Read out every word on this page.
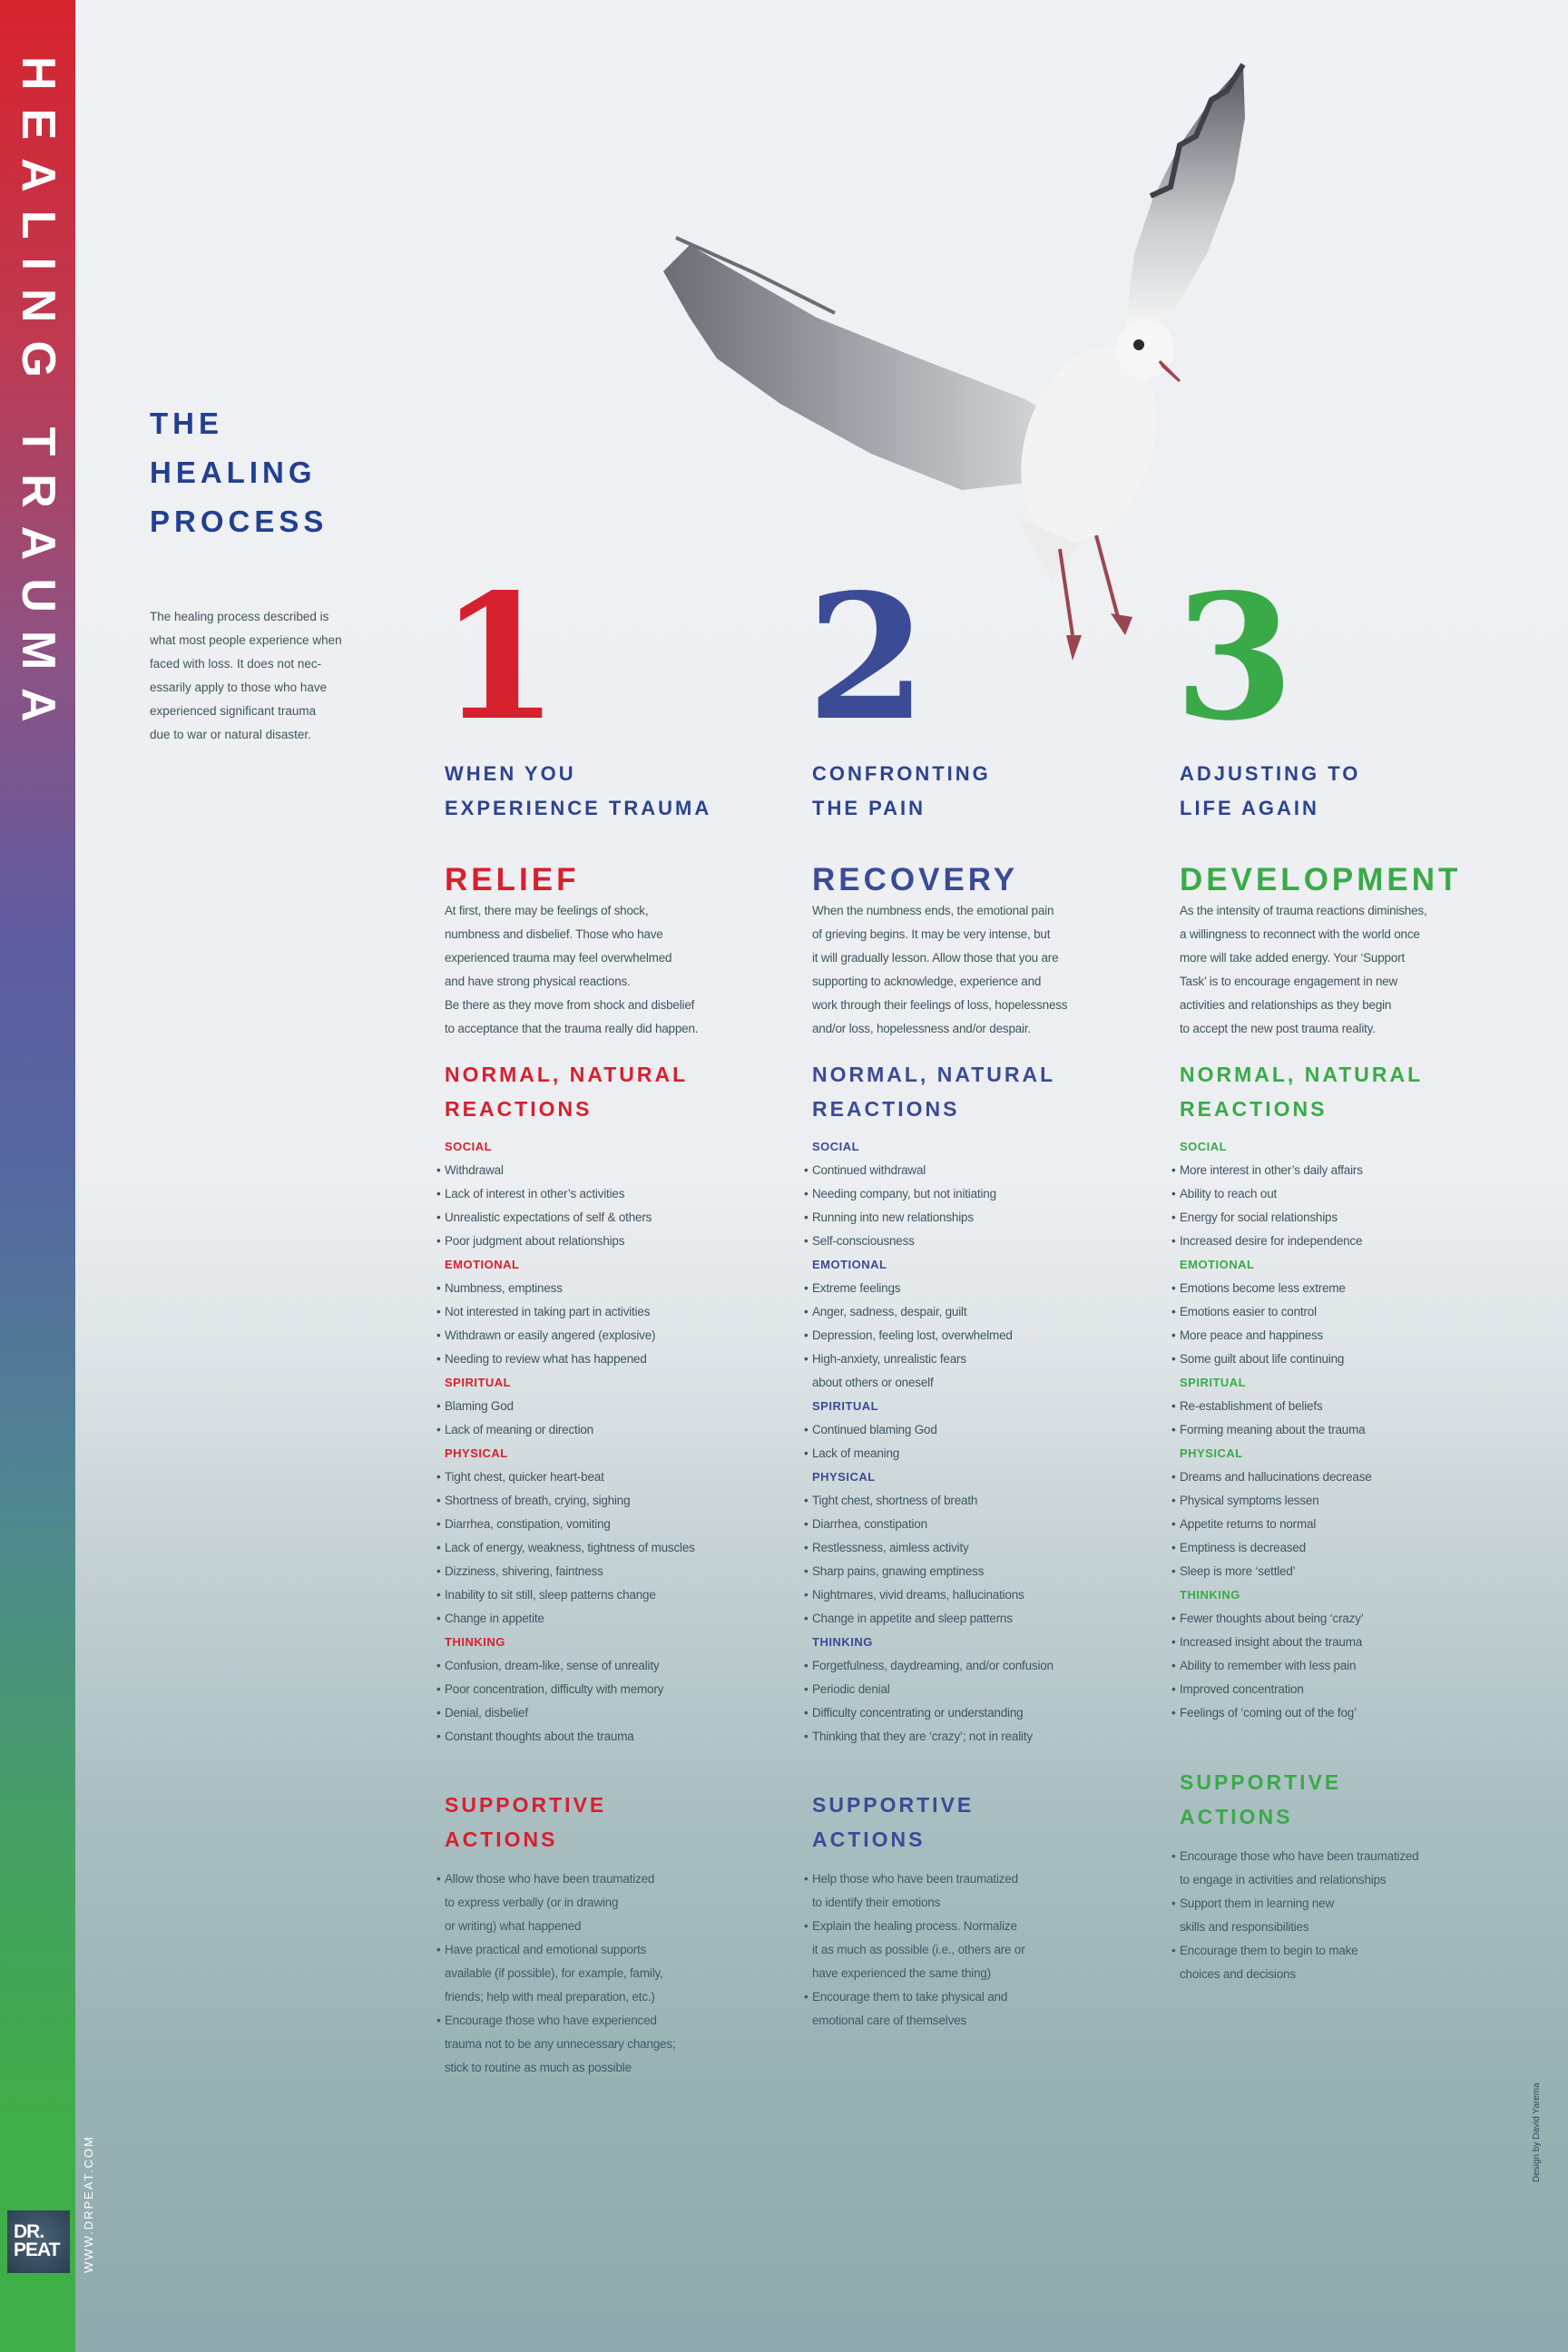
HEALING TRAUMA
DR.
PEAT	WWW.DRPEAT.COM
Design by David Yarema
THE
HEALING
PROCESS
The healing process described is
what most people experience when
faced with loss. It does not nec-
essarily apply to those who have
experienced significant trauma
due to war or natural disaster. 1
WHEN YOU
EXPERIENCE TRAUMA
RELIEF
At first, there may be feelings of shock,
numbness and disbelief. Those who have
experienced trauma may feel overwhelmed
and have strong physical reactions.
Be there as they move from shock and disbelief
to acceptance that the trauma really did happen.
NORMAL, NATURAL
REACTIONS
SOCIAL
• Withdrawal
• Lack of interest in other’s activities
• Unrealistic expectations of self & others
• Poor judgment about relationships
EMOTIONAL
• Numbness, emptiness
• Not interested in taking part in activities
• Withdrawn or easily angered (explosive)
• Needing to review what has happened
SPIRITUAL
• Blaming God
• Lack of meaning or direction
PHYSICAL
• Tight chest, quicker heart-beat
• Shortness of breath, crying, sighing
• Diarrhea, constipation, vomiting
• Lack of energy, weakness, tightness of muscles
• Dizziness, shivering, faintness
• Inability to sit still, sleep patterns change
• Change in appetite
THINKING
• Confusion, dream-like, sense of unreality
• Poor concentration, difficulty with memory
• Denial, disbelief
• Constant thoughts about the trauma
SUPPORTIVE
ACTIONS
• Allow those who have been traumatized
to express verbally (or in drawing
or writing) what happened
• Have practical and emotional supports
available (if possible), for example, family,
friends; help with meal preparation, etc.)
• Encourage those who have experienced
trauma not to be any unnecessary changes;
stick to routine as much as possible
2
CONFRONTING
THE PAIN
RECOVERY
When the numbness ends, the emotional pain
of grieving begins. It may be very intense, but
it will gradually lesson. Allow those that you are
supporting to acknowledge, experience and
work through their feelings of loss, hopelessness
and/or loss, hopelessness and/or despair.
NORMAL, NATURAL
REACTIONS
SOCIAL
• Continued withdrawal
• Needing company, but not initiating
• Running into new relationships
• Self-consciousness
EMOTIONAL
• Extreme feelings
• Anger, sadness, despair, guilt
• Depression, feeling lost, overwhelmed
• High-anxiety, unrealistic fears
about others or oneself
SPIRITUAL
• Continued blaming God
• Lack of meaning
PHYSICAL
• Tight chest, shortness of breath
• Diarrhea, constipation
• Restlessness, aimless activity
• Sharp pains, gnawing emptiness
• Nightmares, vivid dreams, hallucinations
• Change in appetite and sleep patterns
THINKING
• Forgetfulness, daydreaming, and/or confusion
• Periodic denial
• Difficulty concentrating or understanding
• Thinking that they are ‘crazy’; not in reality
SUPPORTIVE
ACTIONS
• Help those who have been traumatized
to identify their emotions
• Explain the healing process. Normalize
it as much as possible (i.e., others are or
have experienced the same thing)
• Encourage them to take physical and
emotional care of themselves
3
ADJUSTING TO
LIFE AGAIN
DEVELOPMENT
As the intensity of trauma reactions diminishes,
a willingness to reconnect with the world once
more will take added energy. Your ‘Support
Task’ is to encourage engagement in new
activities and relationships as they begin
to accept the new post trauma reality.
NORMAL, NATURAL
REACTIONS
SOCIAL
• More interest in other’s daily affairs
• Ability to reach out
• Energy for social relationships
• Increased desire for independence
EMOTIONAL
• Emotions become less extreme
• Emotions easier to control
• More peace and happiness
• Some guilt about life continuing
SPIRITUAL
• Re-establishment of beliefs
• Forming meaning about the trauma
PHYSICAL
• Dreams and hallucinations decrease
• Physical symptoms lessen
• Appetite returns to normal
• Emptiness is decreased
• Sleep is more ‘settled’
THINKING
• Fewer thoughts about being ‘crazy’
• Increased insight about the trauma
• Ability to remember with less pain
• Improved concentration
• Feelings of ‘coming out of the fog’
SUPPORTIVE
ACTIONS
• Encourage those who have been traumatized
to engage in activities and relationships
• Support them in learning new
skills and responsibilities
• Encourage them to begin to make
choices and decisions
